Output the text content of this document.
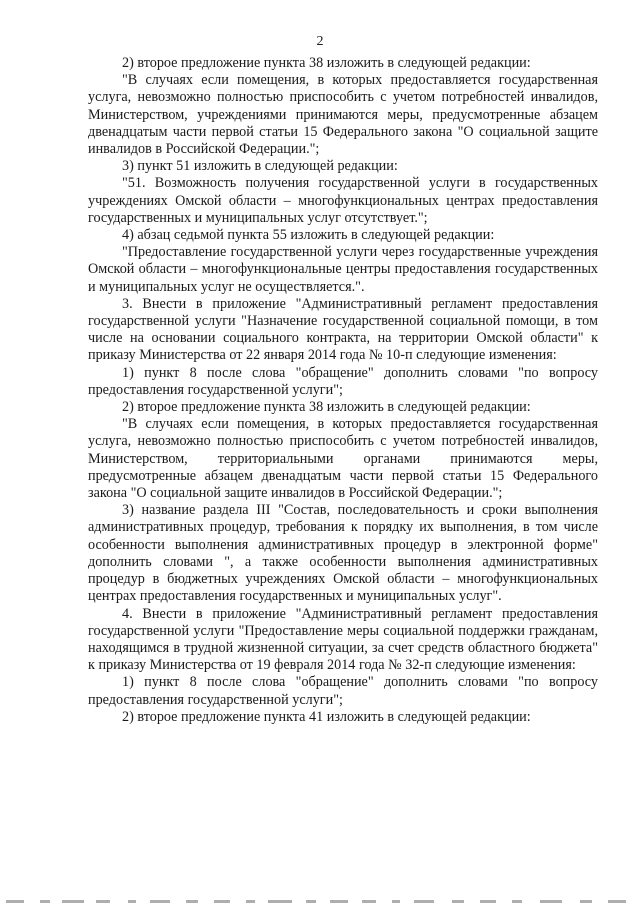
2

2) второе предложение пункта 38 изложить в следующей редакции:

"В случаях если помещения, в которых предоставляется государственная услуга, невозможно полностью приспособить с учетом потребностей инвалидов, Министерством, учреждениями принимаются меры, предусмотренные абзацем двенадцатым части первой статьи 15 Федерального закона "О социальной защите инвалидов в Российской Федерации.";

3) пункт 51 изложить в следующей редакции:

"51. Возможность получения государственной услуги в государственных учреждениях Омской области – многофункциональных центрах предоставления государственных и муниципальных услуг отсутствует.";

4) абзац седьмой пункта 55 изложить в следующей редакции:

"Предоставление государственной услуги через государственные учреждения Омской области – многофункциональные центры предоставления государственных и муниципальных услуг не осуществляется.".

3. Внести в приложение "Административный регламент предоставления государственной услуги "Назначение государственной социальной помощи, в том числе на основании социального контракта, на территории Омской области" к приказу Министерства от 22 января 2014 года № 10-п следующие изменения:

1) пункт 8 после слова "обращение" дополнить словами "по вопросу предоставления государственной услуги";

2) второе предложение пункта 38 изложить в следующей редакции:

"В случаях если помещения, в которых предоставляется государственная услуга, невозможно полностью приспособить с учетом потребностей инвалидов, Министерством, территориальными органами принимаются меры, предусмотренные абзацем двенадцатым части первой статьи 15 Федерального закона "О социальной защите инвалидов в Российской Федерации.";

3) название раздела III "Состав, последовательность и сроки выполнения административных процедур, требования к порядку их выполнения, в том числе особенности выполнения административных процедур в электронной форме" дополнить словами ", а также особенности выполнения административных процедур в бюджетных учреждениях Омской области – многофункциональных центрах предоставления государственных и муниципальных услуг".

4. Внести в приложение "Административный регламент предоставления государственной услуги "Предоставление меры социальной поддержки гражданам, находящимся в трудной жизненной ситуации, за счет средств областного бюджета" к приказу Министерства от 19 февраля 2014 года № 32-п следующие изменения:

1) пункт 8 после слова "обращение" дополнить словами "по вопросу предоставления государственной услуги";

2) второе предложение пункта 41 изложить в следующей редакции:
